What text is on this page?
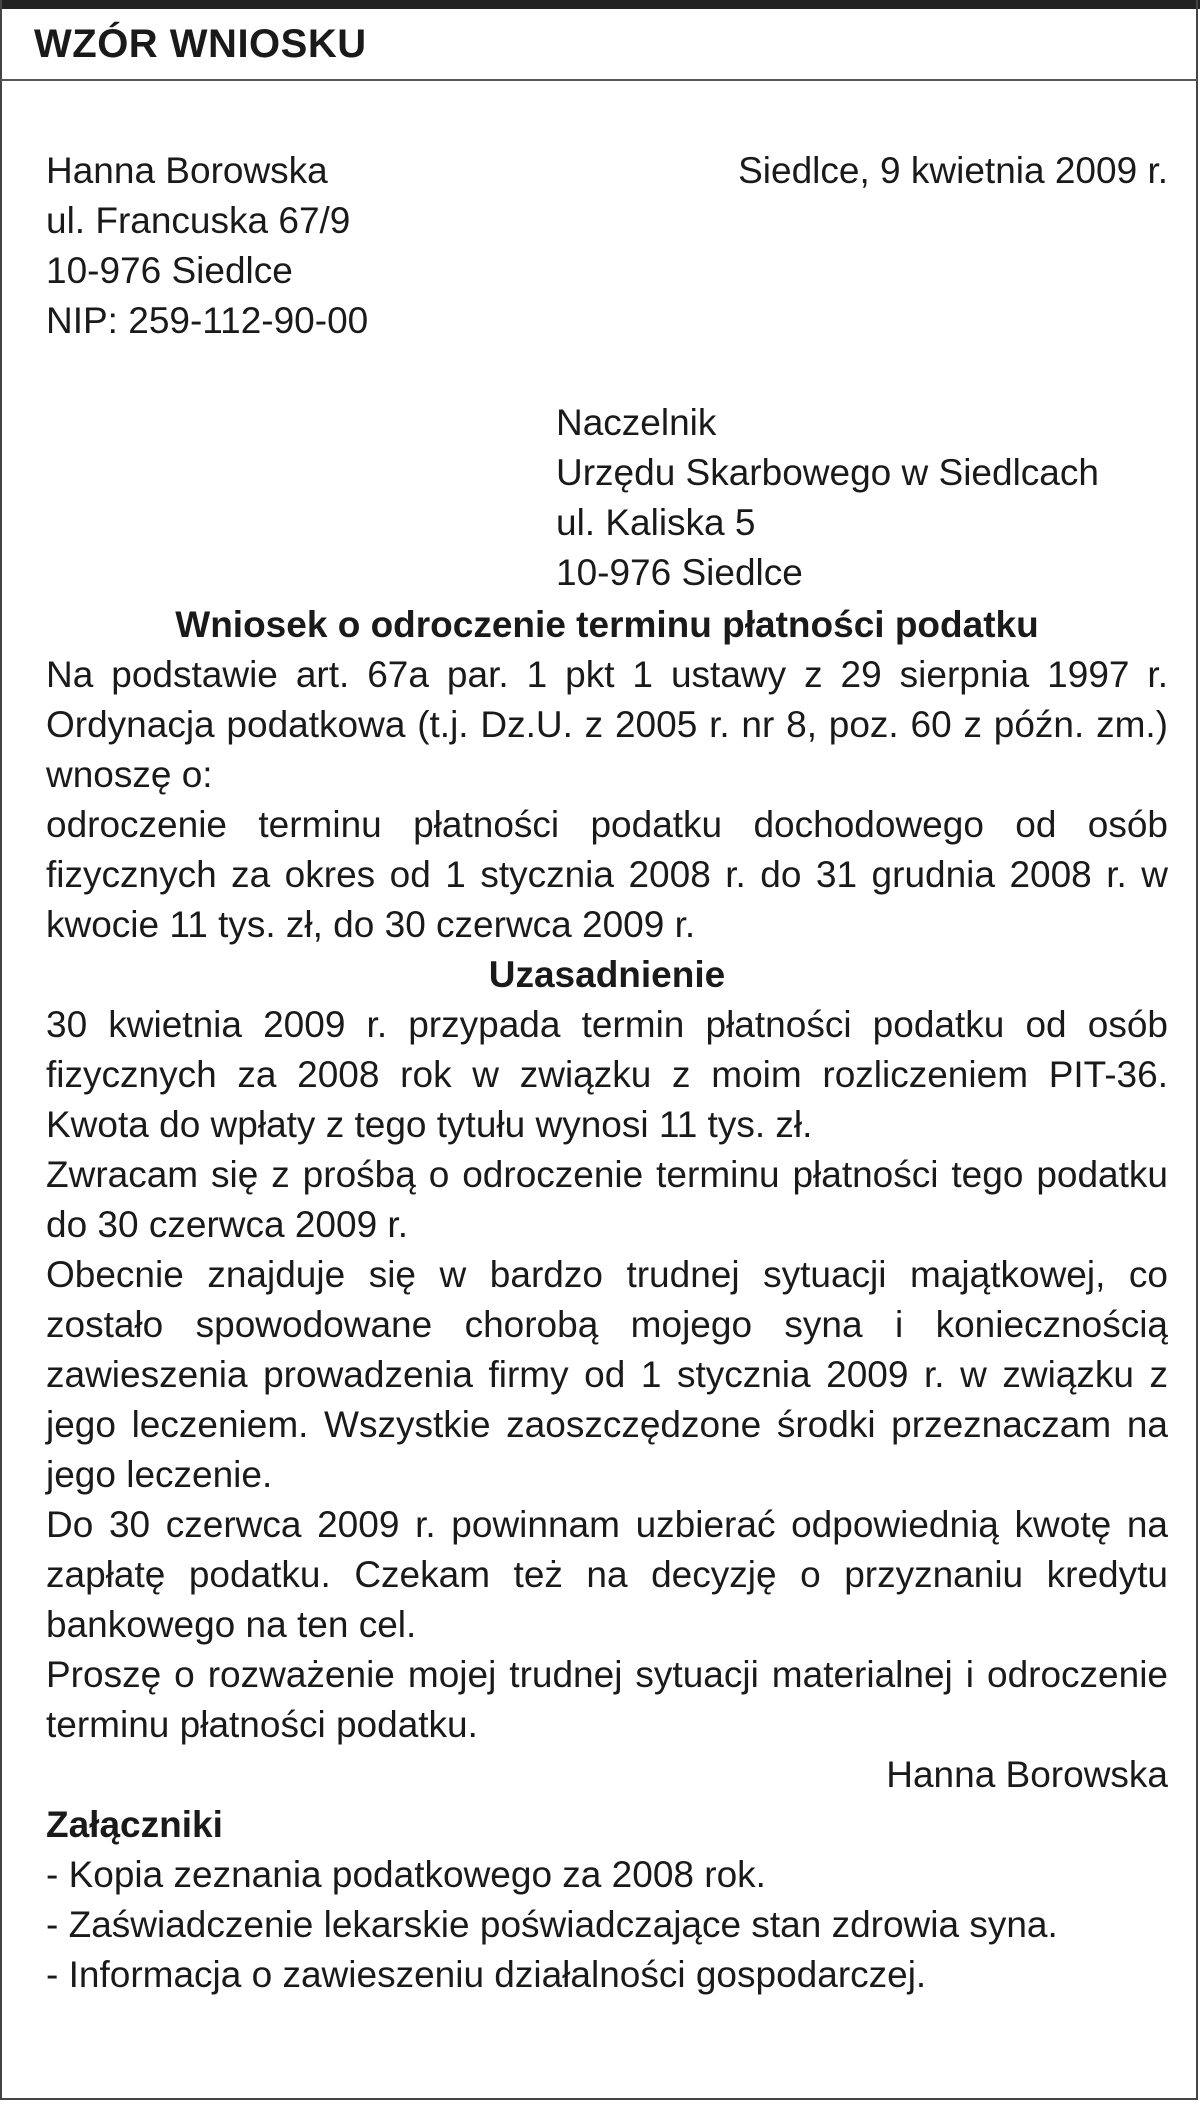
WZÓR WNIOSKU
Hanna Borowska
ul. Francuska 67/9
10-976 Siedlce
NIP: 259-112-90-00
Siedlce, 9 kwietnia 2009 r.
Naczelnik
Urzędu Skarbowego w Siedlcach
ul. Kaliska 5
10-976 Siedlce
Wniosek o odroczenie terminu płatności podatku
Na podstawie art. 67a par. 1 pkt 1 ustawy z 29 sierpnia 1997 r. Ordynacja podatkowa (t.j. Dz.U. z 2005 r. nr 8, poz. 60 z późn. zm.) wnoszę o:
odroczenie terminu płatności podatku dochodowego od osób fizycznych za okres od 1 stycznia 2008 r. do 31 grudnia 2008 r. w kwocie 11 tys. zł, do 30 czerwca 2009 r.
Uzasadnienie
30 kwietnia 2009 r. przypada termin płatności podatku od osób fizycznych za 2008 rok w związku z moim rozliczeniem PIT-36. Kwota do wpłaty z tego tytułu wynosi 11 tys. zł.
Zwracam się z prośbą o odroczenie terminu płatności tego podatku do 30 czerwca 2009 r.
Obecnie znajduje się w bardzo trudnej sytuacji majątkowej, co zostało spowodowane chorobą mojego syna i koniecznością zawieszenia prowadzenia firmy od 1 stycznia 2009 r. w związku z jego leczeniem. Wszystkie zaoszczędzone środki przeznaczam na jego leczenie.
Do 30 czerwca 2009 r. powinnam uzbierać odpowiednią kwotę na zapłatę podatku. Czekam też na decyzję o przyznaniu kredytu bankowego na ten cel.
Proszę o rozważenie mojej trudnej sytuacji materialnej i odroczenie terminu płatności podatku.
Hanna Borowska
Załączniki
- Kopia zeznania podatkowego za 2008 rok.
- Zaświadczenie lekarskie poświadczające stan zdrowia syna.
- Informacja o zawieszeniu działalności gospodarczej.
